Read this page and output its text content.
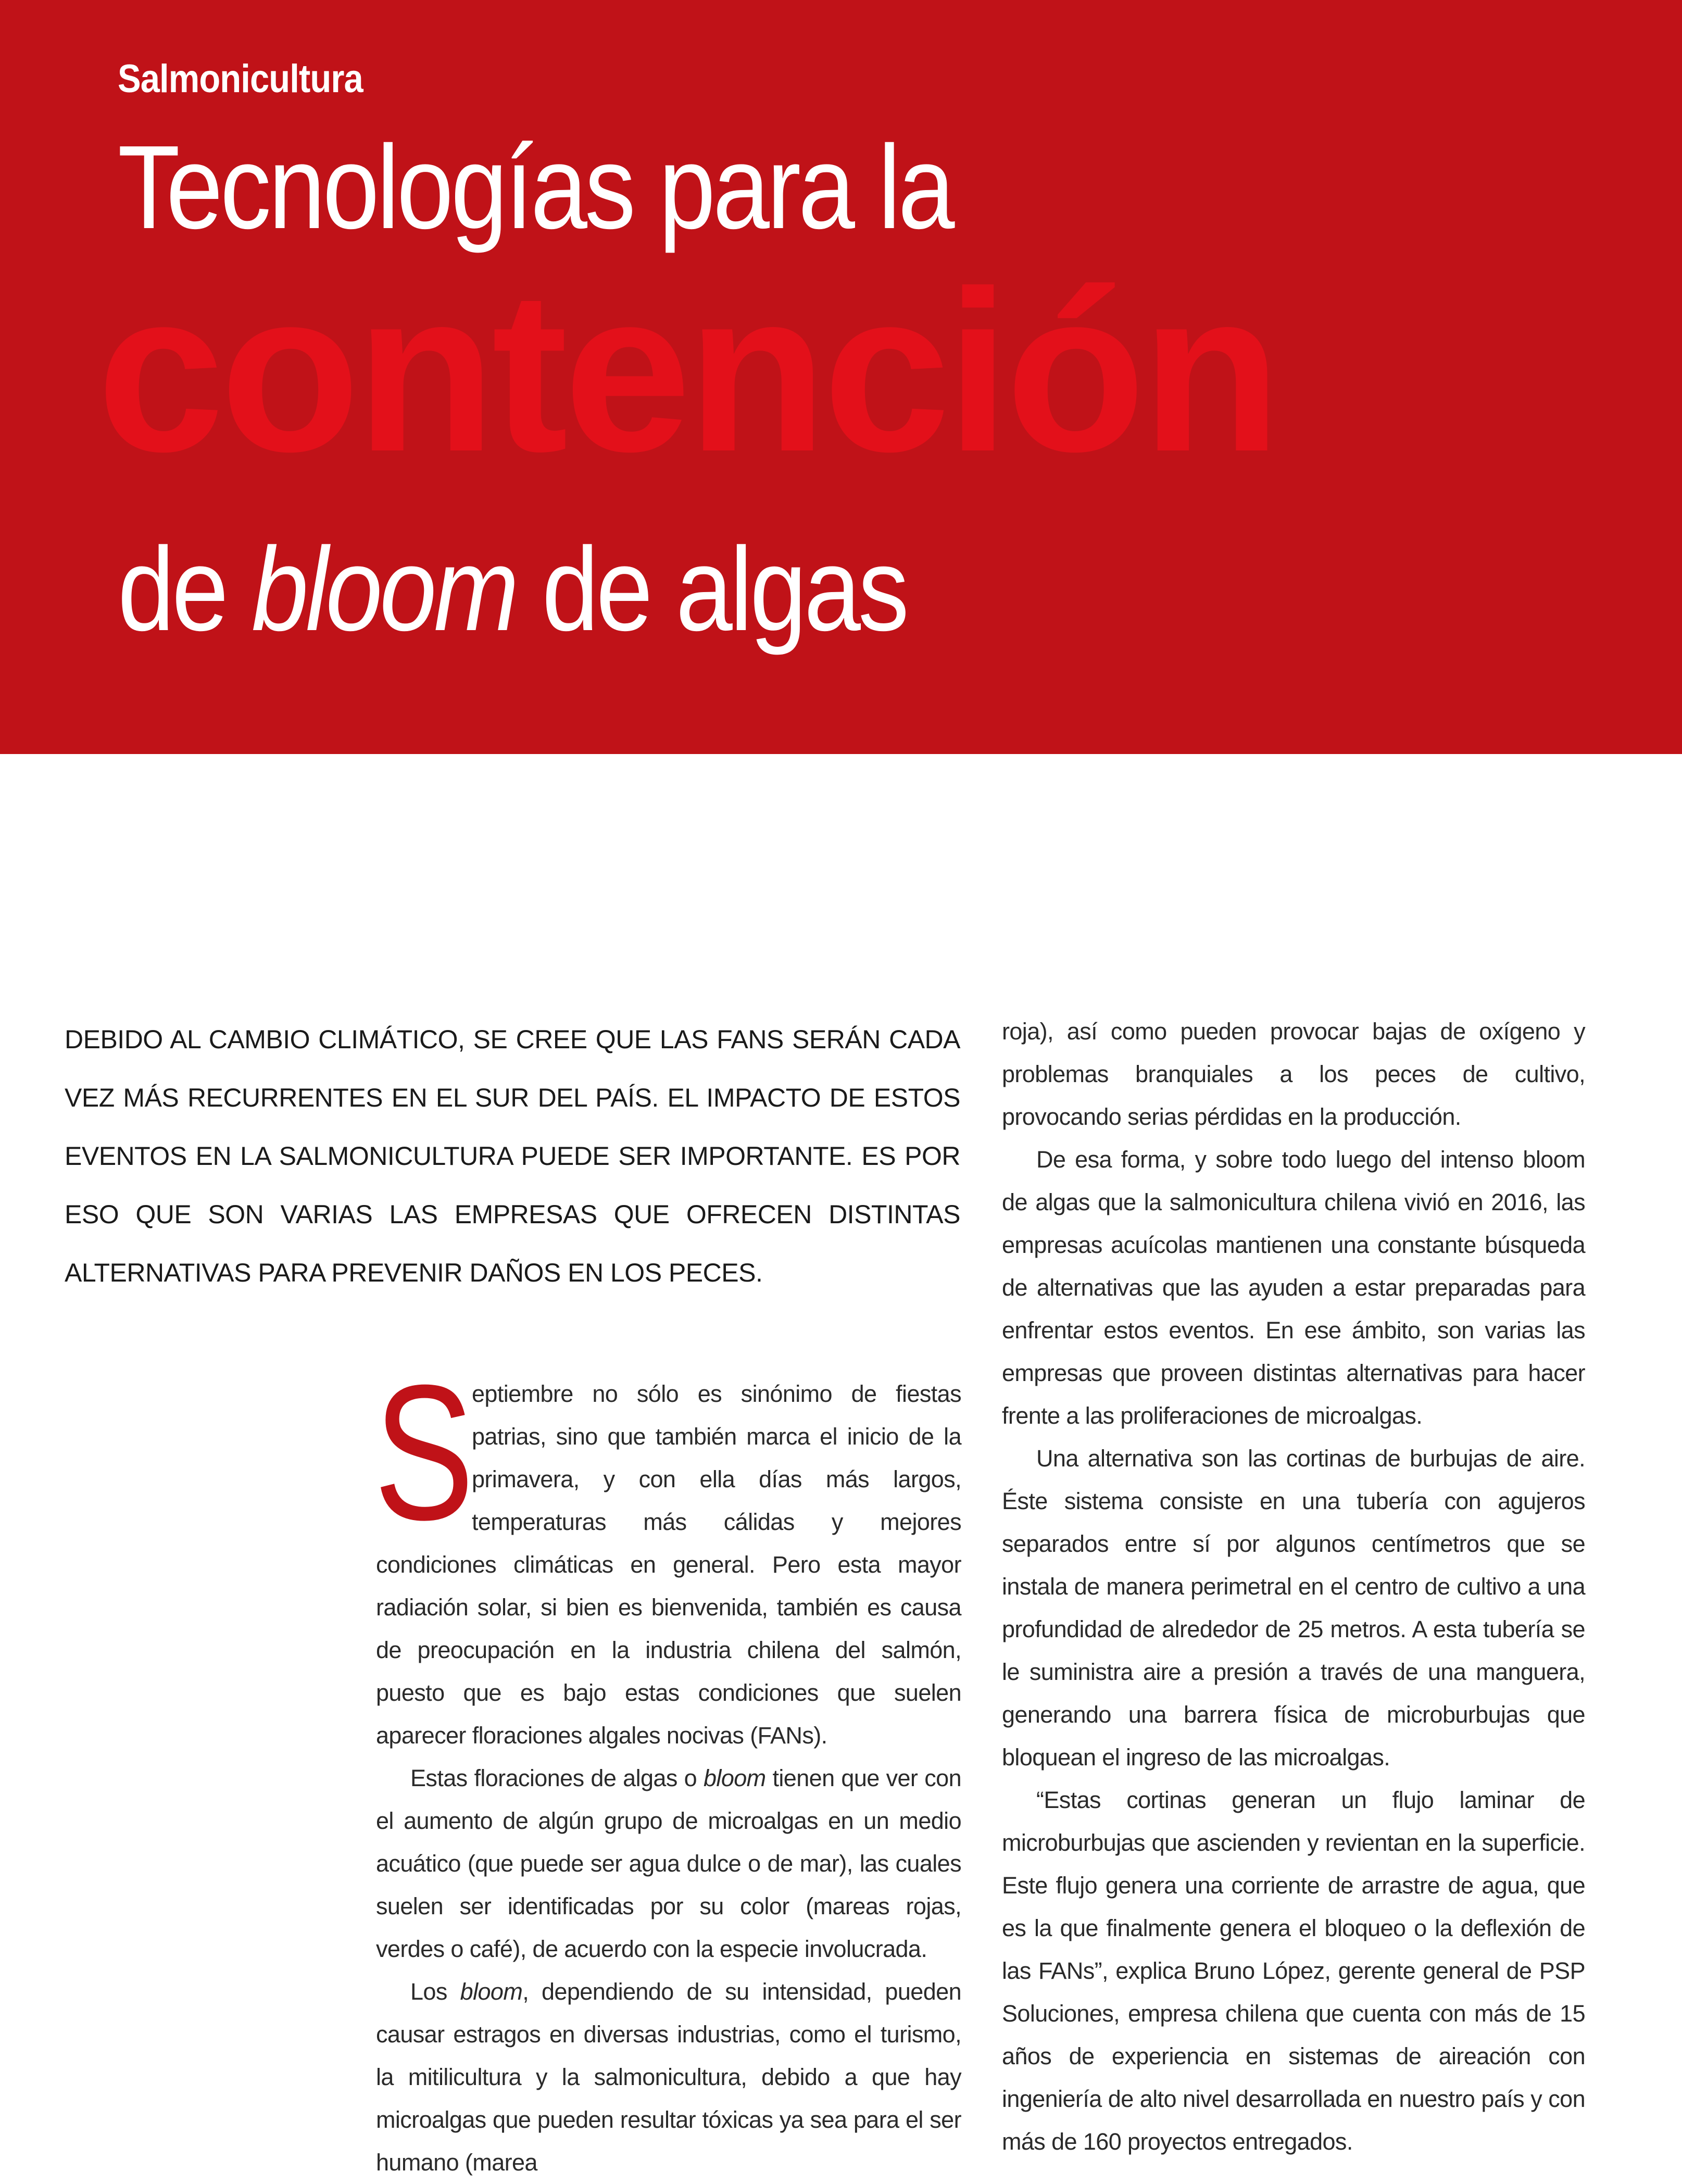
Salmonicultura
Tecnologías para la
contención
de bloom de algas
DEBIDO AL CAMBIO CLIMÁTICO, SE CREE QUE LAS FANS SERÁN CADA VEZ MÁS RECURRENTES EN EL SUR DEL PAÍS. EL IMPACTO DE ESTOS EVENTOS EN LA SALMONICULTURA PUEDE SER IMPORTANTE. ES POR ESO QUE SON VARIAS LAS EMPRESAS QUE OFRECEN DISTINTAS ALTERNATIVAS PARA PREVENIR DAÑOS EN LOS PECES.
S

eptiembre no sólo es sinónimo de fiestas patrias, sino que también marca el inicio de la primavera, y con ella días más largos, temperaturas más cálidas y mejores condiciones climáticas en general. Pero esta mayor radiación solar, si bien es bienvenida, también es causa de preocupación en la industria chilena del salmón, puesto que es bajo estas condiciones que suelen aparecer floraciones algales nocivas (FANs).

Estas floraciones de algas o bloom tienen que ver con el aumento de algún grupo de microalgas en un medio acuático (que puede ser agua dulce o de mar), las cuales suelen ser identificadas por su color (mareas rojas, verdes o café), de acuerdo con la especie involucrada.

Los bloom, dependiendo de su intensidad, pueden causar estragos en diversas industrias, como el turismo, la mitilicultura y la salmonicultura, debido a que hay microalgas que pueden resultar tóxicas ya sea para el ser humano (marea

roja), así como pueden provocar bajas de oxígeno y problemas branquiales a los peces de cultivo, provocando serias pérdidas en la producción.

De esa forma, y sobre todo luego del intenso bloom de algas que la salmonicultura chilena vivió en 2016, las empresas acuícolas mantienen una constante búsqueda de alternativas que las ayuden a estar preparadas para enfrentar estos eventos. En ese ámbito, son varias las empresas que proveen distintas alternativas para hacer frente a las proliferaciones de microalgas.

Una alternativa son las cortinas de burbujas de aire. Éste sistema consiste en una tubería con agujeros separados entre sí por algunos centímetros que se instala de manera perimetral en el centro de cultivo a una profundidad de alrededor de 25 metros. A esta tubería se le suministra aire a presión a través de una manguera, generando una barrera física de microburbujas que bloquean el ingreso de las microalgas.

“Estas cortinas generan un flujo laminar de microburbujas que ascienden y revientan en la superficie. Este flujo genera una corriente de arrastre de agua, que es la que finalmente genera el bloqueo o la deflexión de las FANs”, explica Bruno López, gerente general de PSP Soluciones, empresa chilena que cuenta con más de 15 años de experiencia en sistemas de aireación con ingeniería de alto nivel desarrollada en nuestro país y con más de 160 proyectos entregados.
